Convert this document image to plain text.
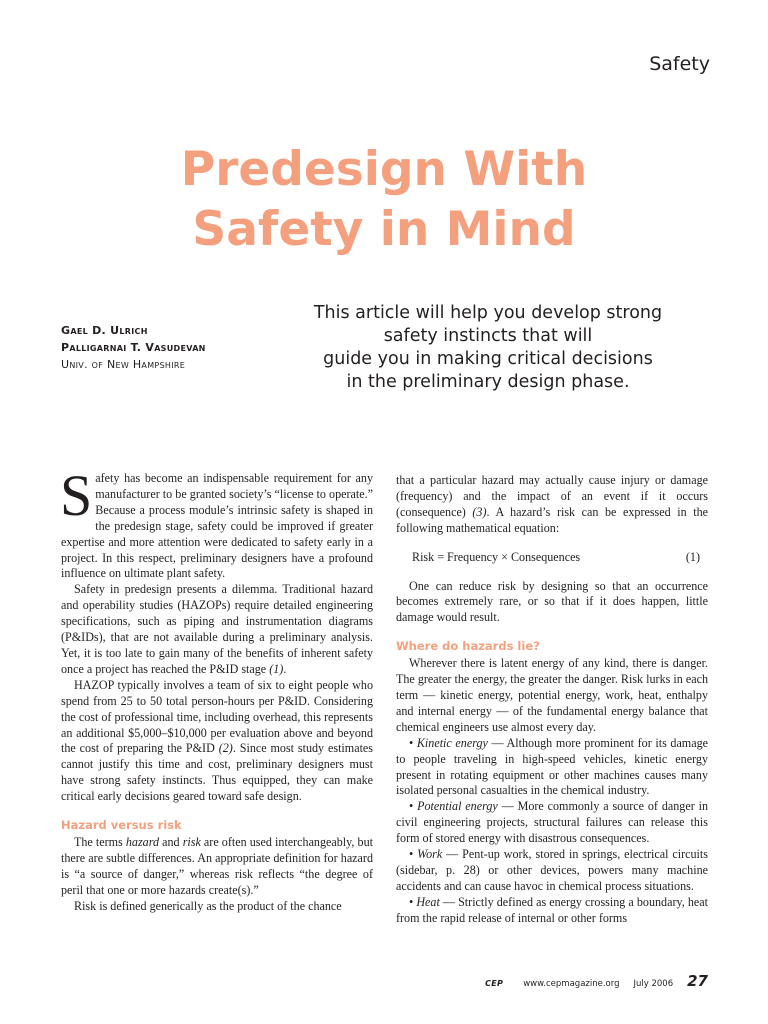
Safety
Predesign With
Safety in Mind
Gael D. Ulrich
Palligarnai T. Vasudevan
Univ. of New Hampshire
This article will help you develop strong
safety instincts that will
guide you in making critical decisions
in the preliminary design phase.

Safety has become an indispensable requirement for any manufacturer to be granted society’s “license to operate.” Because a process module’s intrinsic safety is shaped in the predesign stage, safety could be improved if greater expertise and more attention were dedicated to safety early in a project. In this respect, preliminary designers have a profound influence on ultimate plant safety.

Safety in predesign presents a dilemma. Traditional hazard and operability studies (HAZOPs) require detailed engineering specifications, such as piping and instrumentation diagrams (P&IDs), that are not available during a preliminary analysis. Yet, it is too late to gain many of the benefits of inherent safety once a project has reached the P&ID stage (1).

HAZOP typically involves a team of six to eight people who spend from 25 to 50 total person-hours per P&ID. Considering the cost of professional time, including overhead, this represents an additional $5,000–$10,000 per evaluation above and beyond the cost of preparing the P&ID (2). Since most study estimates cannot justify this time and cost, preliminary designers must have strong safety instincts. Thus equipped, they can make critical early decisions geared toward safe design.

Hazard versus risk

The terms hazard and risk are often used interchangeably, but there are subtle differences. An appropriate definition for hazard is “a source of danger,” whereas risk reflects “the degree of peril that one or more hazards create(s).”

Risk is defined generically as the product of the chance

that a particular hazard may actually cause injury or damage (frequency) and the impact of an event if it occurs (consequence) (3). A hazard’s risk can be expressed in the following mathematical equation:

Risk = Frequency × Consequences	(1)

One can reduce risk by designing so that an occurrence becomes extremely rare, or so that if it does happen, little damage would result.

Where do hazards lie?

Wherever there is latent energy of any kind, there is danger. The greater the energy, the greater the danger. Risk lurks in each term — kinetic energy, potential energy, work, heat, enthalpy and internal energy — of the fundamental energy balance that chemical engineers use almost every day.

• Kinetic energy — Although more prominent for its damage to people traveling in high-speed vehicles, kinetic energy present in rotating equipment or other machines causes many isolated personal casualties in the chemical industry.

• Potential energy — More commonly a source of danger in civil engineering projects, structural failures can release this form of stored energy with disastrous consequences.

• Work — Pent-up work, stored in springs, electrical circuits (sidebar, p. 28) or other devices, powers many machine accidents and can cause havoc in chemical process situations.

• Heat — Strictly defined as energy crossing a boundary, heat from the rapid release of internal or other forms

CEP www.cepmagazine.org July 2006 27
